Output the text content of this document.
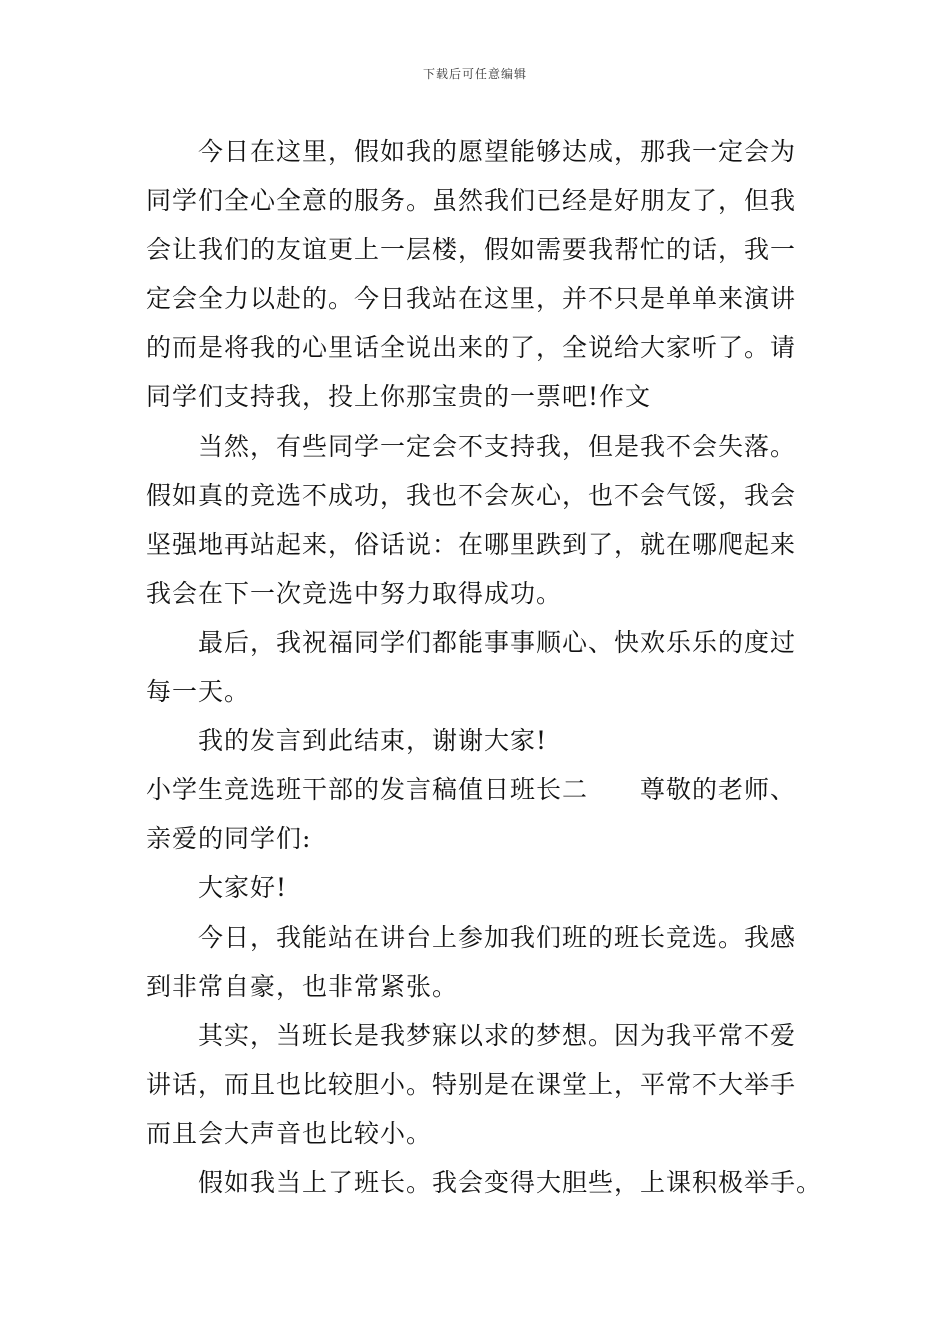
下载后可任意编辑
今日在这里，假如我的愿望能够达成，那我一定会为
同学们全心全意的服务。虽然我们已经是好朋友了，但我
会让我们的友谊更上一层楼，假如需要我帮忙的话，我一
定会全力以赴的。今日我站在这里，并不只是单单来演讲
的而是将我的心里话全说出来的了，全说给大家听了。请
同学们支持我，投上你那宝贵的一票吧!作文
当然，有些同学一定会不支持我，但是我不会失落。
假如真的竞选不成功，我也不会灰心，也不会气馁，我会
坚强地再站起来，俗话说：在哪里跌到了，就在哪爬起来
我会在下一次竞选中努力取得成功。
最后，我祝福同学们都能事事顺心、快欢乐乐的度过
每一天。
我的发言到此结束，谢谢大家!
小学生竞选班干部的发言稿值日班长二　　尊敬的老师、
亲爱的同学们:
大家好!
今日，我能站在讲台上参加我们班的班长竞选。我感
到非常自豪，也非常紧张。
其实，当班长是我梦寐以求的梦想。因为我平常不爱
讲话，而且也比较胆小。特别是在课堂上，平常不大举手
而且会大声音也比较小。
假如我当上了班长。我会变得大胆些，上课积极举手。
